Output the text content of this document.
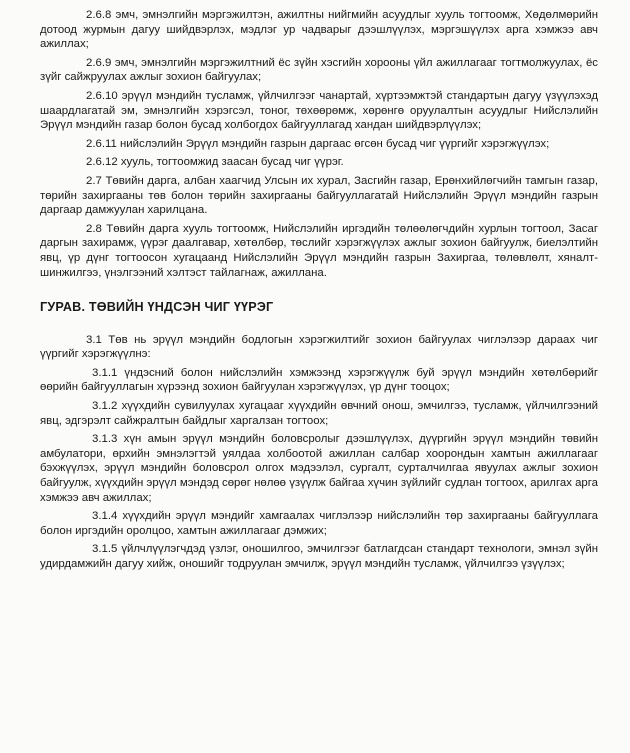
2.6.8 эмч, эмнэлгийн мэргэжилтэн, ажилтны нийгмийн асуудлыг хууль тогтоомж, Хөдөлмөрийн дотоод журмын дагуу шийдвэрлэх, мэдлэг ур чадварыг дээшлүүлэх, мэргэшүүлэх арга хэмжээ авч ажиллах;

2.6.9 эмч, эмнэлгийн мэргэжилтний ёс зүйн хэсгийн хорооны үйл ажиллагааг тогтмолжуулах, ёс зүйг сайжруулах ажлыг зохион байгуулах;

2.6.10 эрүүл мэндийн тусламж, үйлчилгээг чанартай, хүртээмжтэй стандартын дагуу үзүүлэхэд шаардлагатай эм, эмнэлгийн хэрэгсэл, тоног, төхөөрөмж, хөрөнгө оруулалтын асуудлыг Нийслэлийн Эрүүл мэндийн газар болон бусад холбогдох байгууллагад хандан шийдвэрлүүлэх;

2.6.11 нийслэлийн Эрүүл мэндийн газрын даргаас өгсөн бусад чиг үүргийг хэрэгжүүлэх;

2.6.12 хууль, тогтоомжид заасан бусад чиг үүрэг.

2.7 Төвийн дарга, албан хаагчид Улсын их хурал, Засгийн газар, Ерөнхийлөгчийн тамгын газар, төрийн захиргааны төв болон төрийн захиргааны байгууллагатай Нийслэлийн Эрүүл мэндийн газрын даргаар дамжуулан харилцана.

2.8 Төвийн дарга хууль тогтоомж, Нийслэлийн иргэдийн төлөөлөгчдийн хурлын тогтоол, Засаг даргын захирамж, үүрэг даалгавар, хөтөлбөр, төслийг хэрэгжүүлэх ажлыг зохион байгуулж, биелэлтийн явц, үр дүнг тогтоосон хугацаанд Нийслэлийн Эрүүл мэндийн газрын Захиргаа, төлөвлөлт, хяналт-шинжилгээ, үнэлгээний хэлтэст тайлагнаж, ажиллана.

ГУРАВ. ТӨВИЙН ҮНДСЭН ЧИГ ҮҮРЭГ

3.1 Төв нь эрүүл мэндийн бодлогын хэрэгжилтийг зохион байгуулах чиглэлээр дараах чиг үүргийг хэрэгжүүлнэ:

3.1.1 үндэсний болон нийслэлийн хэмжээнд хэрэгжүүлж буй эрүүл мэндийн хөтөлбөрийг өөрийн байгууллагын хүрээнд зохион байгуулан хэрэгжүүлэх, үр дүнг тооцох;

3.1.2 хүүхдийн сувилуулах хугацааг хүүхдийн өвчний онош, эмчилгээ, тусламж, үйлчилгээний явц, эдгэрэлт сайжралтын байдлыг харгалзан тогтоох;

3.1.3 хүн амын эрүүл мэндийн боловсролыг дээшлүүлэх, дүүргийн эрүүл мэндийн төвийн амбулатори, өрхийн эмнэлэгтэй уялдаа холбоотой ажиллан салбар хоорондын хамтын ажиллагааг бэхжүүлэх, эрүүл мэндийн боловсрол олгох мэдээлэл, сургалт, сурталчилгаа явуулах ажлыг зохион байгуулж, хүүхдийн эрүүл мэндэд сөрөг нөлөө үзүүлж байгаа хүчин зүйлийг судлан тогтоох, арилгах арга хэмжээ авч ажиллах;

3.1.4 хүүхдийн эрүүл мэндийг хамгаалах чиглэлээр нийслэлийн төр захиргааны байгууллага болон иргэдийн оролцоо, хамтын ажиллагааг дэмжих;

3.1.5 үйлчлүүлэгчдэд үзлэг, оношилгоо, эмчилгээг батлагдсан стандарт технологи, эмнэл зүйн удирдамжийн дагуу хийж, оношийг тодруулан эмчилж, эрүүл мэндийн тусламж, үйлчилгээ үзүүлэх;
